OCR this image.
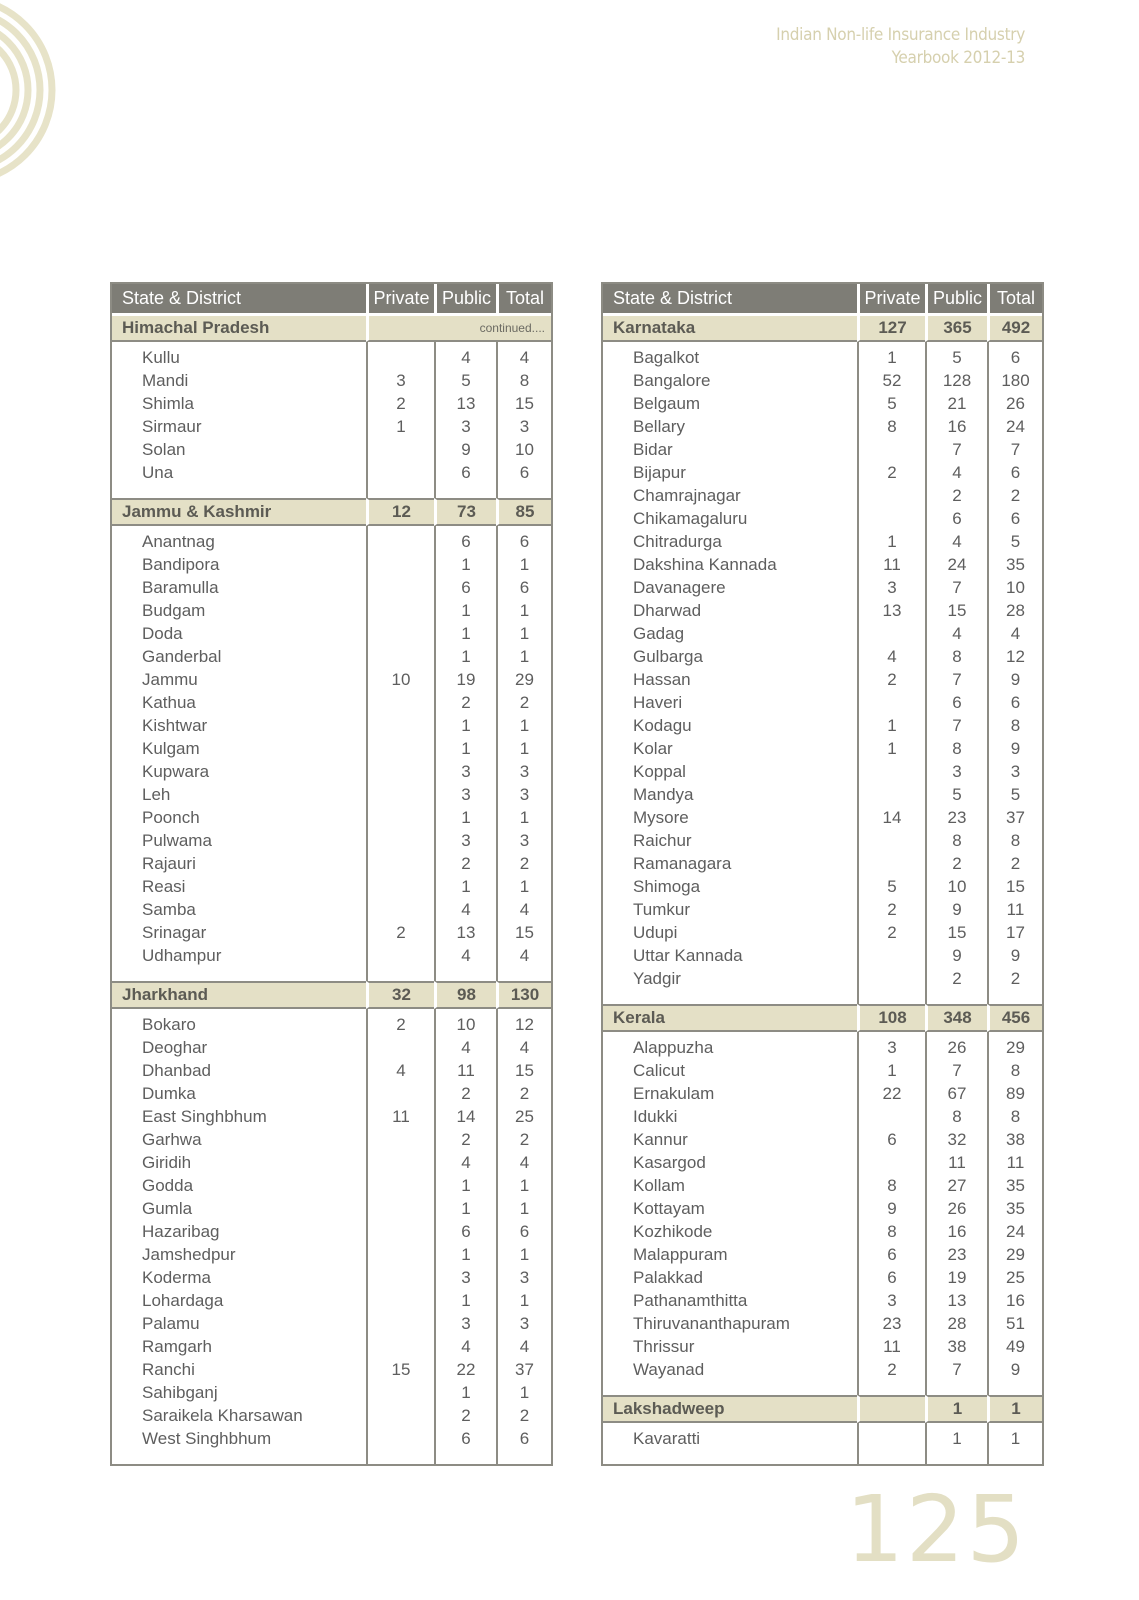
Indian Non-life Insurance Industry
Yearbook 2012-13
State & District	Private	Public	Total
Himachal Pradesh	continued....		
Kullu		4	4
Mandi	3	5	8
Shimla	2	13	15
Sirmaur	1	3	3
Solan		9	10
Una		6	6
Jammu & Kashmir	12	73	85
Anantnag		6	6
Bandipora		1	1
Baramulla		6	6
Budgam		1	1
Doda		1	1
Ganderbal		1	1
Jammu	10	19	29
Kathua		2	2
Kishtwar		1	1
Kulgam		1	1
Kupwara		3	3
Leh		3	3
Poonch		1	1
Pulwama		3	3
Rajauri		2	2
Reasi		1	1
Samba		4	4
Srinagar	2	13	15
Udhampur		4	4
Jharkhand	32	98	130
Bokaro	2	10	12
Deoghar		4	4
Dhanbad	4	11	15
Dumka		2	2
East Singhbhum	11	14	25
Garhwa		2	2
Giridih		4	4
Godda		1	1
Gumla		1	1
Hazaribag		6	6
Jamshedpur		1	1
Koderma		3	3
Lohardaga		1	1
Palamu		3	3
Ramgarh		4	4
Ranchi	15	22	37
Sahibganj		1	1
Saraikela Kharsawan		2	2
West Singhbhum		6	6
State & District	Private	Public	Total
Karnataka	127	365	492
Bagalkot	1	5	6
Bangalore	52	128	180
Belgaum	5	21	26
Bellary	8	16	24
Bidar		7	7
Bijapur	2	4	6
Chamrajnagar		2	2
Chikamagaluru		6	6
Chitradurga	1	4	5
Dakshina Kannada	11	24	35
Davanagere	3	7	10
Dharwad	13	15	28
Gadag		4	4
Gulbarga	4	8	12
Hassan	2	7	9
Haveri		6	6
Kodagu	1	7	8
Kolar	1	8	9
Koppal		3	3
Mandya		5	5
Mysore	14	23	37
Raichur		8	8
Ramanagara		2	2
Shimoga	5	10	15
Tumkur	2	9	11
Udupi	2	15	17
Uttar Kannada		9	9
Yadgir		2	2
Kerala	108	348	456
Alappuzha	3	26	29
Calicut	1	7	8
Ernakulam	22	67	89
Idukki		8	8
Kannur	6	32	38
Kasargod		11	11
Kollam	8	27	35
Kottayam	9	26	35
Kozhikode	8	16	24
Malappuram	6	23	29
Palakkad	6	19	25
Pathanamthitta	3	13	16
Thiruvananthapuram	23	28	51
Thrissur	11	38	49
Wayanad	2	7	9
Lakshadweep		1	1
Kavaratti		1	1
125
